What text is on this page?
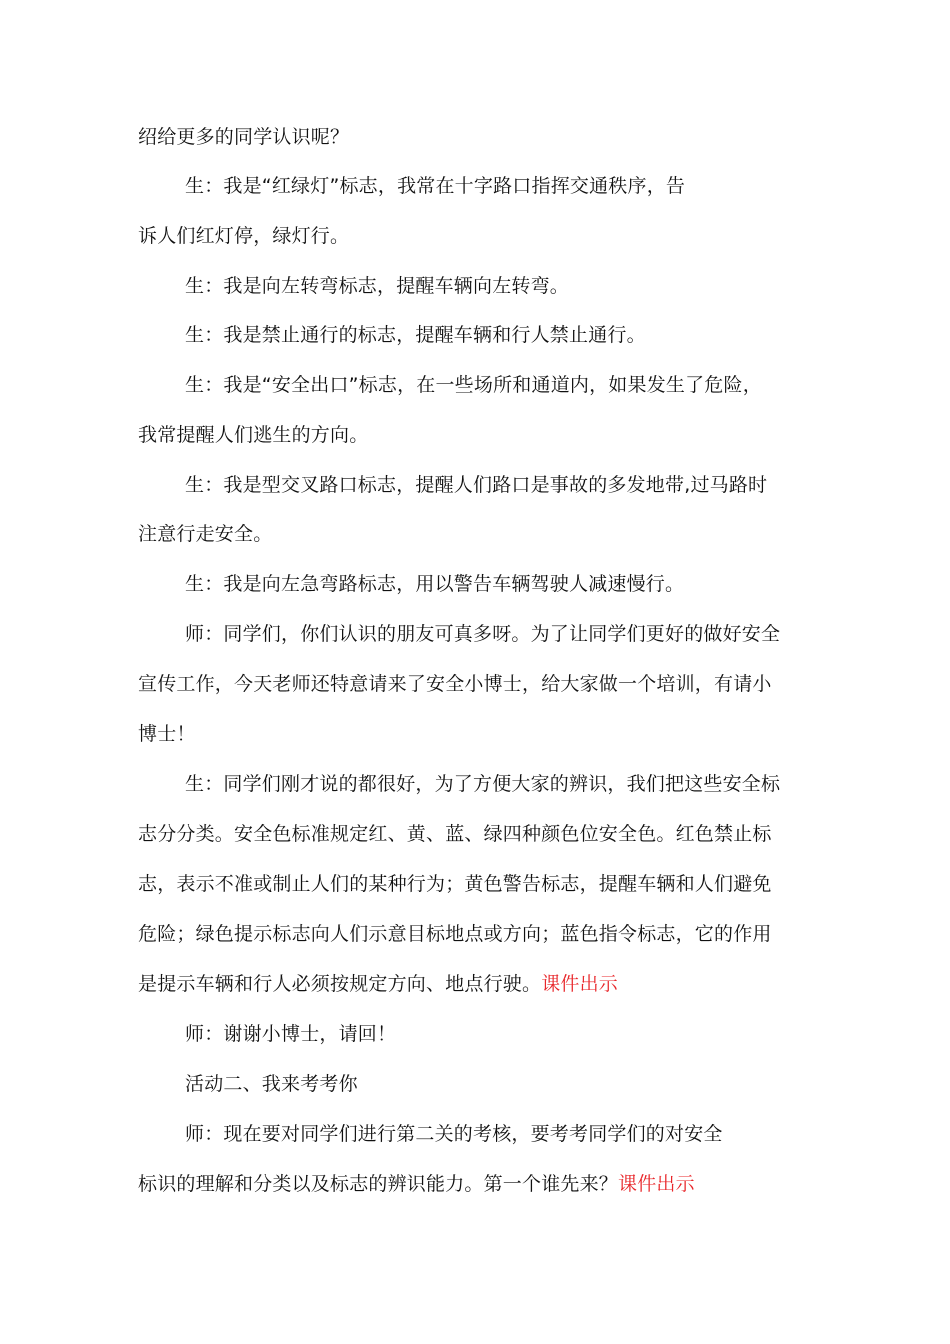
绍给更多的同学认识呢？
生：我是“红绿灯”标志，我常在十字路口指挥交通秩序，告
诉人们红灯停，绿灯行。
生：我是向左转弯标志，提醒车辆向左转弯。
生：我是禁止通行的标志，提醒车辆和行人禁止通行。
生：我是“安全出口”标志，在一些场所和通道内，如果发生了危险，
我常提醒人们逃生的方向。
生：我是型交叉路口标志，提醒人们路口是事故的多发地带,过马路时
注意行走安全。
生：我是向左急弯路标志，用以警告车辆驾驶人减速慢行。
师：同学们，你们认识的朋友可真多呀。为了让同学们更好的做好安全
宣传工作，今天老师还特意请来了安全小博士，给大家做一个培训，有请小
博士！
生：同学们刚才说的都很好，为了方便大家的辨识，我们把这些安全标
志分分类。安全色标准规定红、黄、蓝、绿四种颜色位安全色。红色禁止标
志，表示不准或制止人们的某种行为；黄色警告标志，提醒车辆和人们避免
危险；绿色提示标志向人们示意目标地点或方向；蓝色指令标志，它的作用
是提示车辆和行人必须按规定方向、地点行驶。课件出示
师：谢谢小博士，请回！
活动二、我来考考你
师：现在要对同学们进行第二关的考核，要考考同学们的对安全
标识的理解和分类以及标志的辨识能力。第一个谁先来？课件出示
